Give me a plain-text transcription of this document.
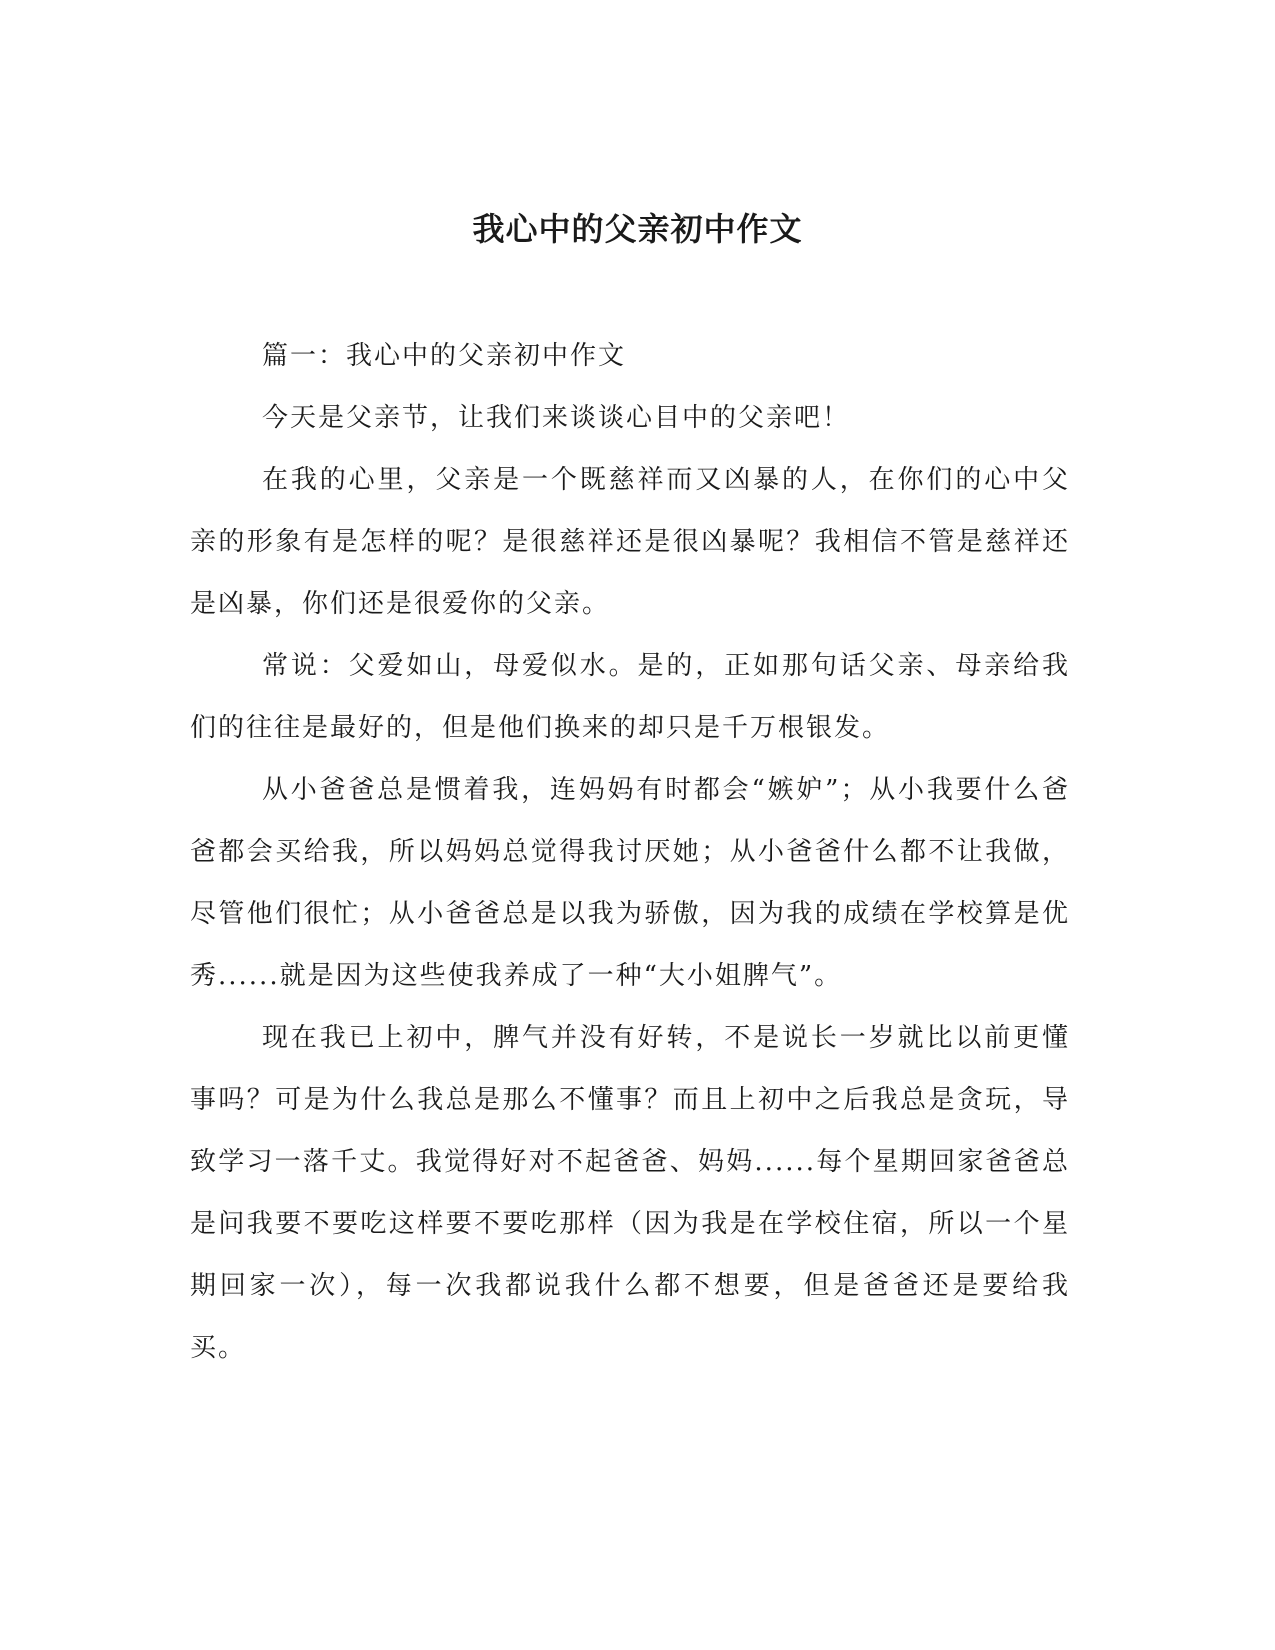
我心中的父亲初中作文

篇一：我心中的父亲初中作文

今天是父亲节，让我们来谈谈心目中的父亲吧！

在我的心里，父亲是一个既慈祥而又凶暴的人，在你们的心中父亲的形象有是怎样的呢？是很慈祥还是很凶暴呢？我相信不管是慈祥还是凶暴，你们还是很爱你的父亲。

常说：父爱如山，母爱似水。是的，正如那句话父亲、母亲给我们的往往是最好的，但是他们换来的却只是千万根银发。

从小爸爸总是惯着我，连妈妈有时都会“嫉妒”；从小我要什么爸爸都会买给我，所以妈妈总觉得我讨厌她；从小爸爸什么都不让我做，尽管他们很忙；从小爸爸总是以我为骄傲，因为我的成绩在学校算是优秀......就是因为这些使我养成了一种“大小姐脾气”。

现在我已上初中，脾气并没有好转，不是说长一岁就比以前更懂事吗？可是为什么我总是那么不懂事？而且上初中之后我总是贪玩，导致学习一落千丈。我觉得好对不起爸爸、妈妈......每个星期回家爸爸总是问我要不要吃这样要不要吃那样（因为我是在学校住宿，所以一个星期回家一次），每一次我都说我什么都不想要，但是爸爸还是要给我买。
